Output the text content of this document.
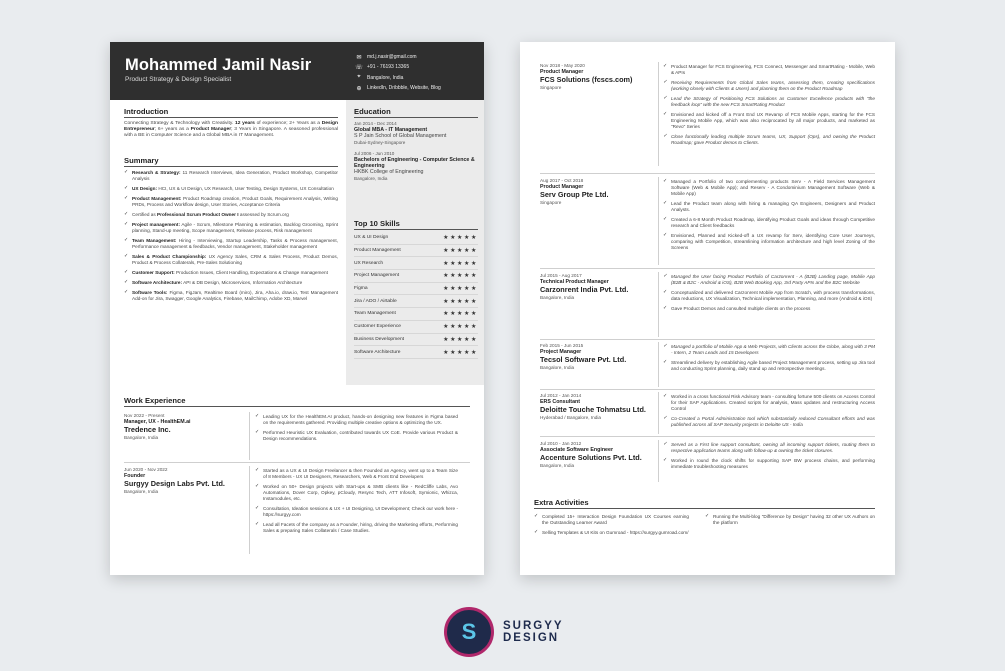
Mohammed Jamil Nasir
Product Strategy & Design Specialist
✉	md.j.nasir@gmail.com
☏ +91 - 76193 13365
⌖	Bangalore, India
⊕	LinkedIn, Dribbble, Website, Blog
Introduction
Connecting Strategy & Technology with Creativity. 12 years of experience; 2+ Years as a Design Entrepreneur; 6+ years as a Product Manager; 3 Years in Singapore. A seasoned professional with a BE in Computer Science and a Global MBA in IT Management.
Summary
✓ Research & Strategy: 11 Research Interviews, Idea Generation, Product Workshop, Competitor Analysis
✓ UX Design: HCI, UX & UI Design, UX Research, User Testing, Design Systems, UX Consultation
✓ Product Management: Product Roadmap creation, Product Goals, Requirement Analysis, Writing PRDs, Process and Workflow design, User Stories, Acceptance Criteria
✓ Certified as Professional Scrum Product Owner I assessed by Scrum.org
✓ Project management: Agile - Scrum, Milestone Planning & estimation, Backlog Grooming, Sprint planning, Stand-up meeting, Scope management, Release process, Risk management
✓ Team Management: Hiring - Interviewing, Startup Leadership, Tasks & Process management, Performance management & feedbacks, Vendor management, Stakeholder management
✓ Sales & Product Championship: UX Agency Sales, CRM & Sales Process, Product Demos, Product & Process Collaterals, Pre-Sales Solutioning
✓ Customer Support: Production Issues, Client Handling, Expectations & Change management
✓ Software Architecture: API & DB Design, Microservices, Information Architecture
✓ Software Tools: Figma, FigJam, Realtime Board (miro), Jira, Aha.io, draw.io, Test Management Add-on for Jira, Swagger, Google Analytics, Firebase, MailChimp, Adobe XD, Marvel
Education
Jan 2014 - Dec 2014
Global MBA - IT Management
S P Jain School of Global Management
Dubai-Sydney-Singapore
Jul 2006 - Jun 2010
Bachelors of Engineering - Computer Science & Engineering
HKBK College of Engineering
Bangalore, India
Top 10 Skills
UX & UI Design	★★★★★
Product Management	★★★★★
UX Research	★★★★★
Project Management	★★★★★
Figma	★★★★★
Jira / ADO / Airtable	★★★★★
Team Management	★★★★★
Customer Experience	★★★★★
Business Development	★★★★★
Software Architecture	★★★★★
Work Experience
Nov 2022 - Present
Manager, UX - HealthEM.ai
Tredence Inc.
Bangalore, India
✓ Leading UX for the HealthEM.AI product, hands-on designing new features in Figma based on the requirements gathered. Providing multiple creative options & optimizing the UX.
✓ Performed Heuristic UX Evaluation, contributed towards UX CoE. Provide various Product & Design recommendations.
Jun 2020 - Nov 2022
Founder
Surgyy Design Labs Pvt. Ltd.
Bangalore, India
✓ Started as a UX & UI Design Freelancer & then Founded an Agency, went up to a Team Size of 8 Members - UX UI Designers, Researchers, Web & Front End Developers
✓ Worked on 50+ Design projects with Start-ups & SMB clients like - RedCliffe Labs, Avo Automations, Dover Corp, Opkey, pCloudy, Resync Tech, ATT Infosoft, Symionic, Whizca, Instamodules, etc.
✓ Consultation, Ideation sessions & UX + UI Designing, UI Development; Check our work here - https://surgyy.com
✓ Lead all Facets of the company as a Founder, hiring, driving the Marketing efforts, Performing Sales & preparing Sales Collaterals / Case Studies.
Nov 2018 - May 2020
Product Manager
FCS Solutions (fcscs.com)
Singapore
✓ Product Manager for FCS Engineering, FCS Connect, Messenger and SmartRating - Mobile, Web & APIs
✓ Receiving Requirements from Global Sales teams, assessing them, creating specifications (working closely with Clients & Users) and planning them on the Product Roadmap
✓ Lead the Strategy of Positioning FCS Solutions as Customer Excellence products with "the feedback loop" with the new FCS SmartRating Product
✓ Envisioned and kicked off a Front End UX Revamp of FCS Mobile Apps, starting for the FCS Engineering Mobile App, which was also reciprocated by all major products, and marketed as "Revo" Series
✓ Close functionally leading multiple Scrum teams, UX, Support (Ops), and owning the Product Roadmap; gave Product demos to Clients.
Aug 2017 - Oct 2018
Product Manager
Serv Group Pte Ltd.
Singapore
✓ Managed a Portfolio of two complementing products Serv - A Field Services Management Software (Web & Mobile App); and Reserv - A Condominium Management Software (Web & Mobile App)
✓ Lead the Product team along with hiring & managing QA Engineers, Designers and Product Analysts.
✓ Created a 6-8 Month Product Roadmap, identifying Product Goals and ideas through Competitive research and Client feedbacks
✓ Envisioned, Planned and Kicked-off a UX revamp for Serv, identifying Core User Journeys, comparing with Competition, streamlining information architecture and high level Zoning of the Screens
Jul 2015 - Aug 2017
Technical Product Manager
Carzonrent India Pvt. Ltd.
Bangalore, India
✓ Managed the User facing Product Portfolio of Carzonrent - A (B2B) Landing page, Mobile App (B2B & B2C - Android & iOS), B2B Web Booking App, 3rd Party APIs and the B2C Website
✓ Conceptualized and delivered Carzonrent Mobile App from Scratch, with process transformations, data reductions, UX Visualization, Technical implementation, Planning, and more (Android & iOS)
✓ Gave Product Demos and consulted multiple clients on the process
Feb 2015 - Jun 2015
Project Manager
Tecsol Software Pvt. Ltd.
Bangalore, India
✓ Managed a portfolio of Mobile App & Web Projects, with Clients across the Globe, along with 3 PM - Intern, 2 Team Leads and 15 Developers
✓ Streamlined delivery by establishing Agile based Project Management process, setting up Jira tool and conducting Sprint planning, daily stand up and retrospective meetings.
Jul 2012 - Jan 2014
ERS Consultant
Deloitte Touche Tohmatsu Ltd.
Hyderabad / Bangalore, India
✓ Worked in a cross functional Risk Advisory team - consulting fortune 500 clients on Access Control for their SAP Applications. Created scripts for analysis, Mass updates and restructuring Access Control
✓ Co-Created a Portal Administration tool which substantially reduced Consultant efforts and was published across all SAP Security projects in Deloitte US - India
Jul 2010 - Jan 2012
Associate Software Engineer
Accenture Solutions Pvt. Ltd.
Bangalore, India
✓ Served as a First line support consultant, owning all incoming support tickets, routing them to respective application teams along with follow-up & owning the ticket closures.
✓ Worked in round the clock shifts for supporting SAP BW process chains, and performing immediate troubleshooting measures
Extra Activities
✓ Completed 15+ Interaction Design Foundation UX Courses earning the Outstanding Learner Award
✓ Selling Templates & UI Kits on Gumroad - https://surgyy.gumroad.com/
✓ Running the Multi-blog "Difference by Design" having 32 other UX Authors on the platform
S	SURGYY
DESIGN
